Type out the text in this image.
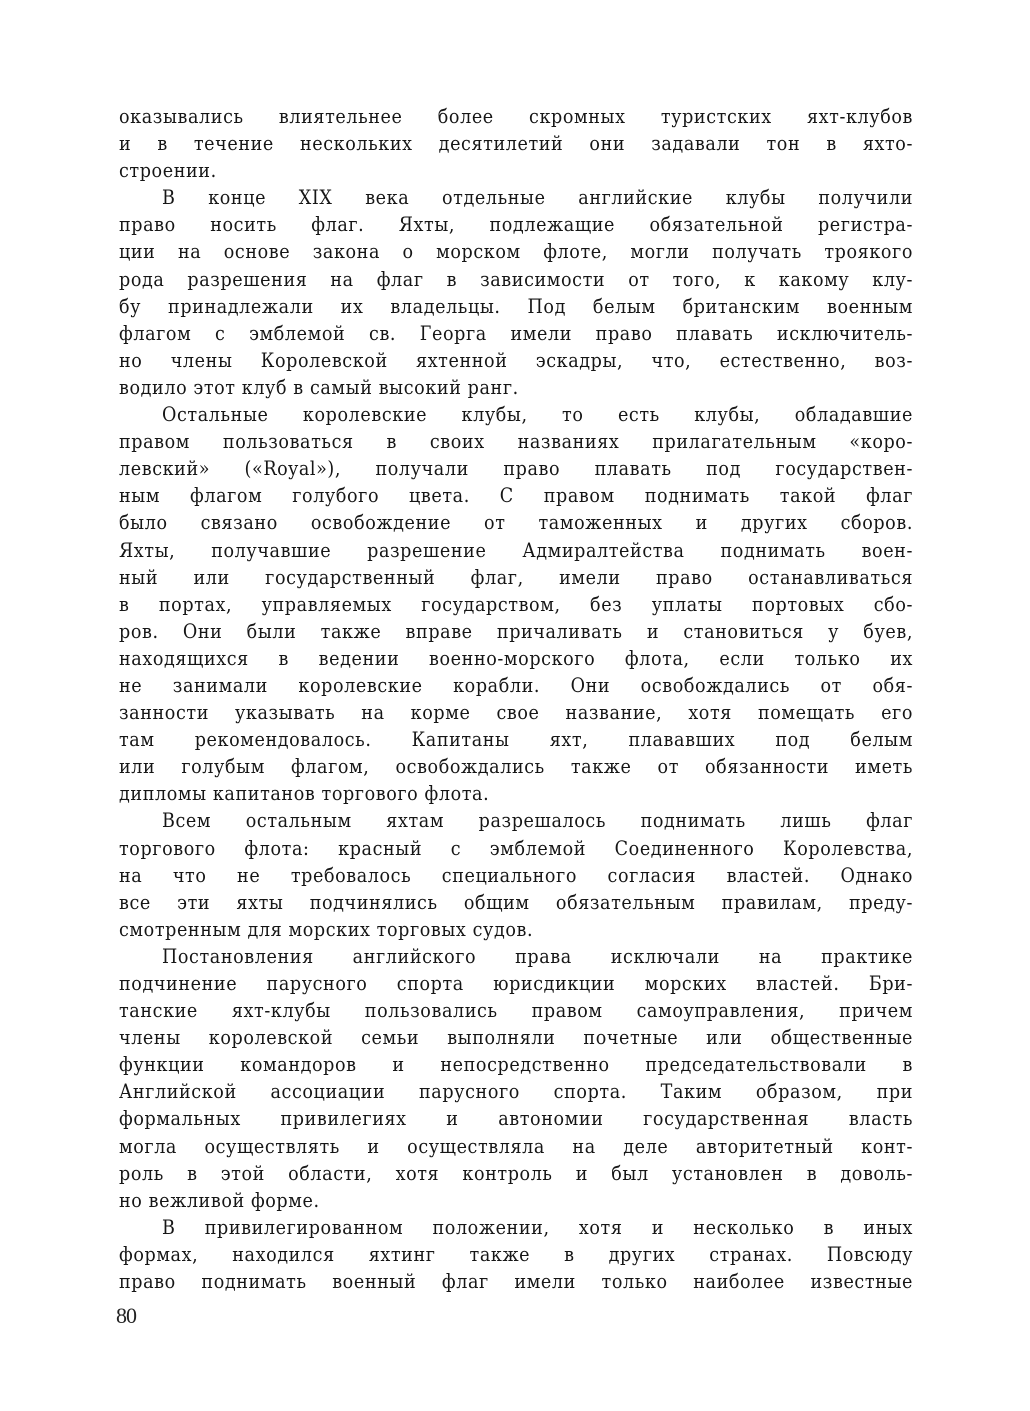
оказывались влиятельнее более скромных туристских яхт-клубов
и в течение нескольких десятилетий они задавали тон в яхто-
строении.
В конце XIX века отдельные английские клубы получили
право носить флаг. Яхты, подлежащие обязательной регистра-
ции на основе закона о морском флоте, могли получать троякого
рода разрешения на флаг в зависимости от того, к какому клу-
бу принадлежали их владельцы. Под белым британским военным
флагом с эмблемой св. Георга имели право плавать исключитель-
но члены Королевской яхтенной эскадры, что, естественно, воз-
водило этот клуб в самый высокий ранг.
Остальные королевские клубы, то есть клубы, обладавшие
правом пользоваться в своих названиях прилагательным «коро-
левский» («Royal»), получали право плавать под государствен-
ным флагом голубого цвета. С правом поднимать такой флаг
было связано освобождение от таможенных и других сборов.
Яхты, получавшие разрешение Адмиралтейства поднимать воен-
ный или государственный флаг, имели право останавливаться
в портах, управляемых государством, без уплаты портовых сбо-
ров. Они были также вправе причаливать и становиться у буев,
находящихся в ведении военно-морского флота, если только их
не занимали королевские корабли. Они освобождались от обя-
занности указывать на корме свое название, хотя помещать его
там рекомендовалось. Капитаны яхт, плававших под белым
или голубым флагом, освобождались также от обязанности иметь
дипломы капитанов торгового флота.
Всем остальным яхтам разрешалось поднимать лишь флаг
торгового флота: красный с эмблемой Соединенного Королевства,
на что не требовалось специального согласия властей. Однако
все эти яхты подчинялись общим обязательным правилам, преду-
смотренным для морских торговых судов.
Постановления английского права исключали на практике
подчинение парусного спорта юрисдикции морских властей. Бри-
танские яхт-клубы пользовались правом самоуправления, причем
члены королевской семьи выполняли почетные или общественные
функции командоров и непосредственно председательствовали в
Английской ассоциации парусного спорта. Таким образом, при
формальных привилегиях и автономии государственная власть
могла осуществлять и осуществляла на деле авторитетный конт-
роль в этой области, хотя контроль и был установлен в доволь-
но вежливой форме.
В привилегированном положении, хотя и несколько в иных
формах, находился яхтинг также в других странах. Повсюду
право поднимать военный флаг имели только наиболее известные
80
